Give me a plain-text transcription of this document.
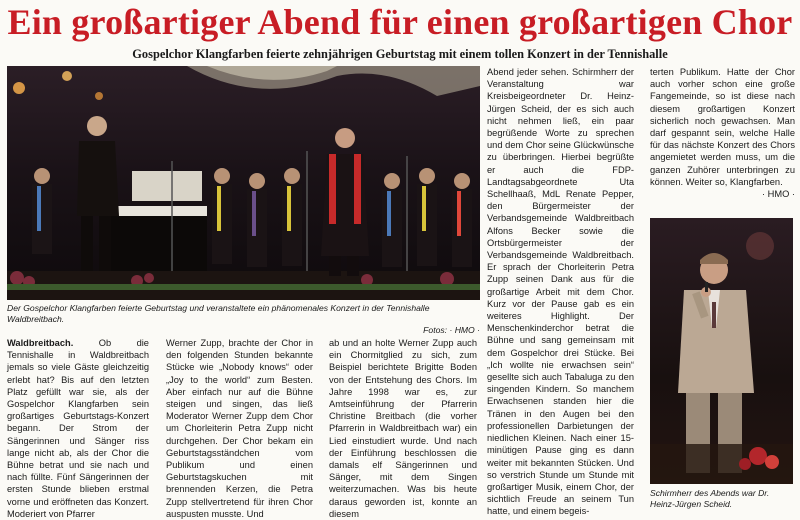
Ein großartiger Abend für einen großartigen Chor
Gospelchor Klangfarben feierte zehnjährigen Geburtstag mit einem tollen Konzert in der Tennishalle
Der Gospelchor Klangfarben feierte Geburtstag und veranstaltete ein phänomenales Konzert in der Tennishalle Waldbreitbach.
Fotos: · HMO ·

Waldbreitbach.	Ob die Tennishalle in Waldbreitbach jemals so viele Gäste gleichzeitig erlebt hat? Bis auf den letzten Platz gefüllt war sie, als der Gospelchor Klangfarben sein großartiges Geburtstags-Konzert begann. Der Strom der Sängerinnen und Sänger riss lange nicht ab, als der Chor die Bühne betrat und sie nach und nach füllte. Fünf Sängerinnen der ersten Stunde blieben erstmal vorne und eröffneten das Konzert. Moderiert von Pfarrer

Werner Zupp, brachte der Chor in den folgenden Stunden bekannte Stücke wie „Nobody knows“ oder „Joy to the world“ zum Besten. Aber einfach nur auf die Bühne steigen und singen, das ließ Moderator Werner Zupp dem Chor um Chorleiterin Petra Zupp nicht durchgehen. Der Chor bekam ein Geburtstagsständchen vom Publikum und einen Geburtstagskuchen mit brennenden Kerzen, die Petra Zupp stellvertretend für ihren Chor auspusten musste. Und

ab und an holte Werner Zupp auch ein Chormitglied zu sich, zum Beispiel berichtete Brigitte Boden von der Entstehung des Chors. Im Jahre 1998 war es, zur Amtseinführung der Pfarrerin Christine Breitbach (die vorher Pfarrerin in Waldbreitbach war) ein Lied einstudiert wurde. Und nach der Einführung beschlossen die damals elf Sängerinnen und Sänger, mit dem Singen weiterzumachen. Was bis heute daraus geworden ist, konnte an diesem

Abend jeder sehen. Schirmherr der Veranstaltung war Kreisbeigeordneter Dr. Heinz-Jürgen Scheid, der es sich auch nicht nehmen ließ, ein paar begrüßende Worte zu sprechen und dem Chor seine Glückwünsche zu überbringen. Hierbei begrüßte er auch die FDP-Landtagsabgeordnete Uta Schellhaaß, MdL Renate Pepper, den Bürgermeister der Verbandsgemeinde Waldbreitbach Alfons Becker sowie die Ortsbürgermeister der Verbandsgemeinde Waldbreitbach. Er sprach der Chorleiterin Petra Zupp seinen Dank aus für die großartige Arbeit mit dem Chor. Kurz vor der Pause gab es ein weiteres Highlight. Der Menschenkinderchor betrat die Bühne und sang gemeinsam mit dem Gospelchor drei Stücke. Bei „Ich wollte nie erwachsen sein“ gesellte sich auch Tabaluga zu den singenden Kindern. So manchem Erwachsenen standen hier die Tränen in den Augen bei den professionellen Darbietungen der niedlichen Kleinen. Nach einer 15-minütigen Pause ging es dann weiter mit bekannten Stücken. Und so verstrich Stunde um Stunde mit großartiger Musik, einem Chor, der sichtlich Freude an seinem Tun hatte, und einem begeis-

terten Publikum. Hatte der Chor auch vorher schon eine große Fangemeinde, so ist diese nach diesem großartigen Konzert sicherlich noch gewachsen. Man darf gespannt sein, welche Halle für das nächste Konzert des Chors angemietet werden muss, um die ganzen Zuhörer unterbringen zu können. Weiter so, Klangfarben.

· HMO ·

Schirmherr des Abends war Dr. Heinz-Jürgen Scheid.
